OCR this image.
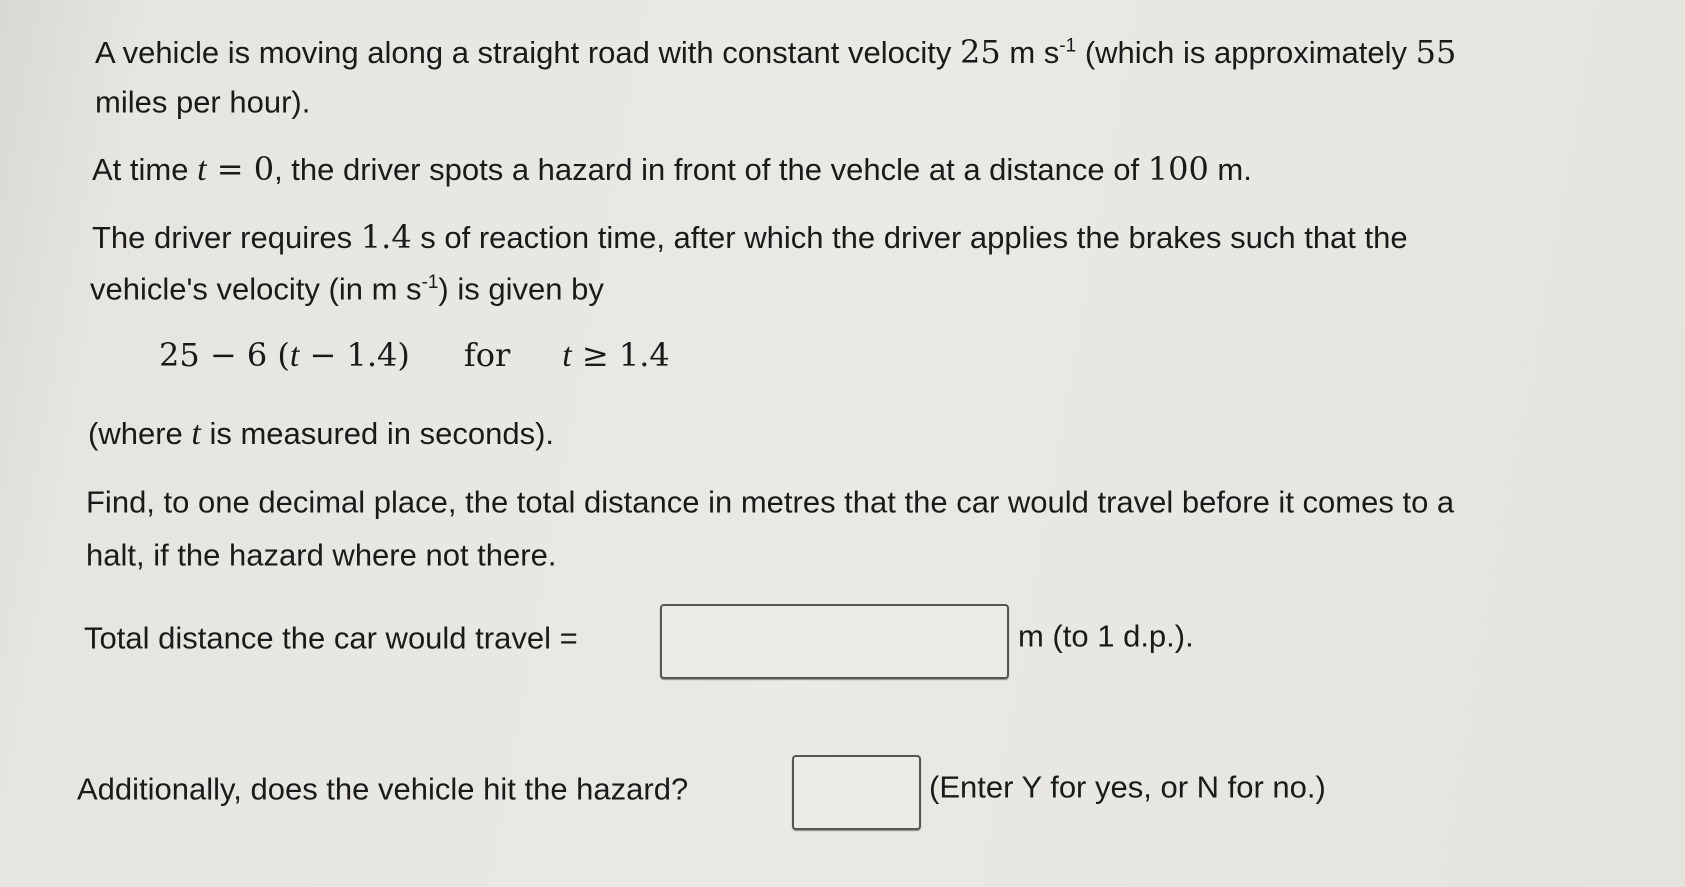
A vehicle is moving along a straight road with constant velocity 25 m $s^{-1}$ (which is approximately 55
miles per hour).
At time t = 0, the driver spots a hazard in front of the vehcle at a distance of 100 m.
The driver requires 1.4 s of reaction time, after which the driver applies the brakes such that the
vehicle's velocity (in m $s^{-1}$) is given by
25 − 6 (t − 1.4) for t ≥ 1.4
(where t is measured in seconds).
Find, to one decimal place, the total distance in metres that the car would travel before it comes to a
halt, if the hazard where not there.
Total distance the car would travel =	m (to 1 d.p.).
Additionally, does the vehicle hit the hazard?	(Enter Y for yes, or N for no.)
